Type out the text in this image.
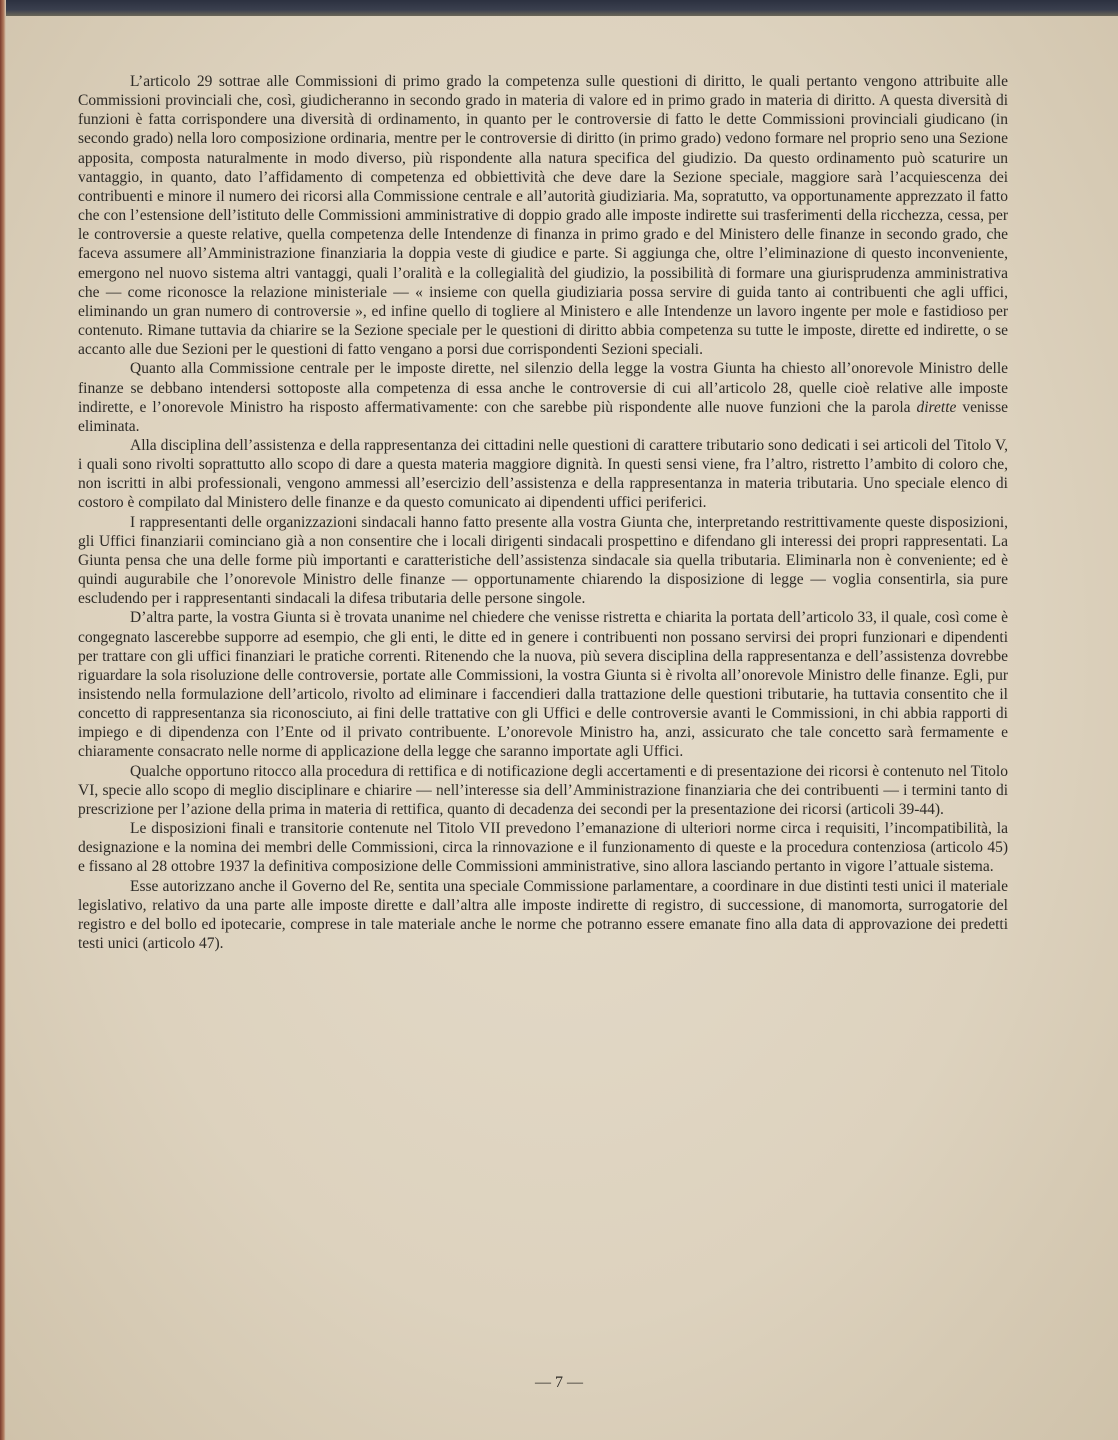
L’articolo 29 sottrae alle Commissioni di primo grado la competenza sulle questioni di diritto, le quali pertanto vengono attribuite alle Commissioni provinciali che, così, giudicheranno in secondo grado in materia di valore ed in primo grado in materia di diritto. A questa diversità di funzioni è fatta corrispondere una diversità di ordinamento, in quanto per le controversie di fatto le dette Commissioni provinciali giudicano (in secondo grado) nella loro composizione ordinaria, mentre per le controversie di diritto (in primo grado) vedono formare nel proprio seno una Sezione apposita, composta naturalmente in modo diverso, più rispondente alla natura specifica del giudizio. Da questo ordinamento può scaturire un vantaggio, in quanto, dato l’affidamento di competenza ed obbiettività che deve dare la Sezione speciale, maggiore sarà l’acquiescenza dei contribuenti e minore il numero dei ricorsi alla Commissione centrale e all’autorità giudiziaria. Ma, sopratutto, va opportunamente apprezzato il fatto che con l’estensione dell’istituto delle Commissioni amministrative di doppio grado alle imposte indirette sui trasferimenti della ricchezza, cessa, per le controversie a queste relative, quella competenza delle Intendenze di finanza in primo grado e del Ministero delle finanze in secondo grado, che faceva assumere all’Amministrazione finanziaria la doppia veste di giudice e parte. Si aggiunga che, oltre l’eliminazione di questo inconveniente, emergono nel nuovo sistema altri vantaggi, quali l’oralità e la collegialità del giudizio, la possibilità di formare una giurisprudenza amministrativa che — come riconosce la relazione ministeriale — « insieme con quella giudiziaria possa servire di guida tanto ai contribuenti che agli uffici, eliminando un gran numero di controversie », ed infine quello di togliere al Ministero e alle Intendenze un lavoro ingente per mole e fastidioso per contenuto. Rimane tuttavia da chiarire se la Sezione speciale per le questioni di diritto abbia competenza su tutte le imposte, dirette ed indirette, o se accanto alle due Sezioni per le questioni di fatto vengano a porsi due corrispondenti Sezioni speciali.

Quanto alla Commissione centrale per le imposte dirette, nel silenzio della legge la vostra Giunta ha chiesto all’onorevole Ministro delle finanze se debbano intendersi sottoposte alla competenza di essa anche le controversie di cui all’articolo 28, quelle cioè relative alle imposte indirette, e l’onorevole Ministro ha risposto affermativamente: con che sarebbe più rispondente alle nuove funzioni che la parola dirette venisse eliminata.

Alla disciplina dell’assistenza e della rappresentanza dei cittadini nelle questioni di carattere tributario sono dedicati i sei articoli del Titolo V, i quali sono rivolti soprattutto allo scopo di dare a questa materia maggiore dignità. In questi sensi viene, fra l’altro, ristretto l’ambito di coloro che, non iscritti in albi professionali, vengono ammessi all’esercizio dell’assistenza e della rappresentanza in materia tributaria. Uno speciale elenco di costoro è compilato dal Ministero delle finanze e da questo comunicato ai dipendenti uffici periferici.

I rappresentanti delle organizzazioni sindacali hanno fatto presente alla vostra Giunta che, interpretando restrittivamente queste disposizioni, gli Uffici finanziarii cominciano già a non consentire che i locali dirigenti sindacali prospettino e difendano gli interessi dei propri rappresentati. La Giunta pensa che una delle forme più importanti e caratteristiche dell’assistenza sindacale sia quella tributaria. Eliminarla non è conveniente; ed è quindi augurabile che l’onorevole Ministro delle finanze — opportunamente chiarendo la disposizione di legge — voglia consentirla, sia pure escludendo per i rappresentanti sindacali la difesa tributaria delle persone singole.

D’altra parte, la vostra Giunta si è trovata unanime nel chiedere che venisse ristretta e chiarita la portata dell’articolo 33, il quale, così come è congegnato lascerebbe supporre ad esempio, che gli enti, le ditte ed in genere i contribuenti non possano servirsi dei propri funzionari e dipendenti per trattare con gli uffici finanziari le pratiche correnti. Ritenendo che la nuova, più severa disciplina della rappresentanza e dell’assistenza dovrebbe riguardare la sola risoluzione delle controversie, portate alle Commissioni, la vostra Giunta si è rivolta all’onorevole Ministro delle finanze. Egli, pur insistendo nella formulazione dell’articolo, rivolto ad eliminare i faccendieri dalla trattazione delle questioni tributarie, ha tuttavia consentito che il concetto di rappresentanza sia riconosciuto, ai fini delle trattative con gli Uffici e delle controversie avanti le Commissioni, in chi abbia rapporti di impiego e di dipendenza con l’Ente od il privato contribuente. L’onorevole Ministro ha, anzi, assicurato che tale concetto sarà fermamente e chiaramente consacrato nelle norme di applicazione della legge che saranno importate agli Uffici.

Qualche opportuno ritocco alla procedura di rettifica e di notificazione degli accertamenti e di presentazione dei ricorsi è contenuto nel Titolo VI, specie allo scopo di meglio disciplinare e chiarire — nell’interesse sia dell’Amministrazione finanziaria che dei contribuenti — i termini tanto di prescrizione per l’azione della prima in materia di rettifica, quanto di decadenza dei secondi per la presentazione dei ricorsi (articoli 39-44).

Le disposizioni finali e transitorie contenute nel Titolo VII prevedono l’emanazione di ulteriori norme circa i requisiti, l’incompatibilità, la designazione e la nomina dei membri delle Commissioni, circa la rinnovazione e il funzionamento di queste e la procedura contenziosa (articolo 45) e fissano al 28 ottobre 1937 la definitiva composizione delle Commissioni amministrative, sino allora lasciando pertanto in vigore l’attuale sistema.

Esse autorizzano anche il Governo del Re, sentita una speciale Commissione parlamentare, a coordinare in due distinti testi unici il materiale legislativo, relativo da una parte alle imposte dirette e dall’altra alle imposte indirette di registro, di successione, di manomorta, surrogatorie del registro e del bollo ed ipotecarie, comprese in tale materiale anche le norme che potranno essere emanate fino alla data di approvazione dei predetti testi unici (articolo 47).

— 7 —
